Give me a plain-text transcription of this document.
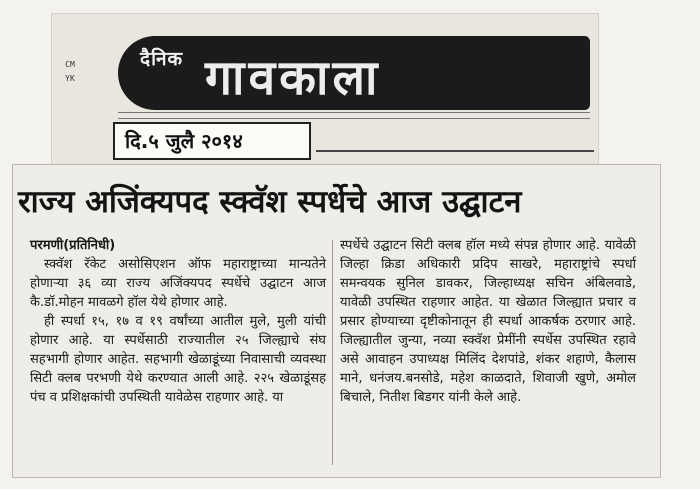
CMYK
दैनिक गावकाला
दि.५ जुलै २०१४
राज्य अजिंक्यपद स्क्वॅश स्पर्धेचे आज उद्घाटन
परमणी(प्रतिनिधी)
स्क्वॅश रॅकेट असोसिएशन ऑफ महाराष्ट्राच्या मान्यतेने होणाऱ्या ३६ व्या राज्य अजिंक्यपद स्पर्धेचे उद्घाटन आज कै.डॉ.मोहन मावळगे हॉल येथे होणार आहे.
ही स्पर्धा १५, १७ व १९ वर्षांच्या आतील मुले, मुली यांची होणार आहे. या स्पर्धेसाठी राज्यातील २५ जिल्ह्याचे संघ सहभागी होणार आहेत. सहभागी खेळाडूंच्या निवासाची व्यवस्था सिटी क्लब परभणी येथे करण्यात आली आहे. २२५ खेळाडूंसह पंच व प्रशिक्षकांची उपस्थिती यावेळेस राहणार आहे. या
स्पर्धेचे उद्घाटन सिटी क्लब हॉल मध्ये संपन्न होणार आहे. यावेळी जिल्हा क्रिडा अधिकारी प्रदिप साखरे, महाराष्ट्रांचे स्पर्धा समन्वयक सुनिल डावकर, जिल्हाध्यक्ष सचिन अंबिलवाडे, यावेळी उपस्थित राहणार आहेत. या खेळात जिल्ह्यात प्रचार व प्रसार होण्याच्या दृष्टीकोनातून ही स्पर्धा आकर्षक ठरणार आहे. जिल्ह्यातील जुन्या, नव्या स्क्वॅश प्रेमींनी स्पर्धेस उपस्थित रहावे असे आवाहन उपाध्यक्ष मिलिंद देशपांडे, शंकर शहाणे, कैलास माने, धनंजय.बनसोडे, महेश काळदाते, शिवाजी खुणे, अमोल बिचाले, नितीश बिडगर यांनी केले आहे.
